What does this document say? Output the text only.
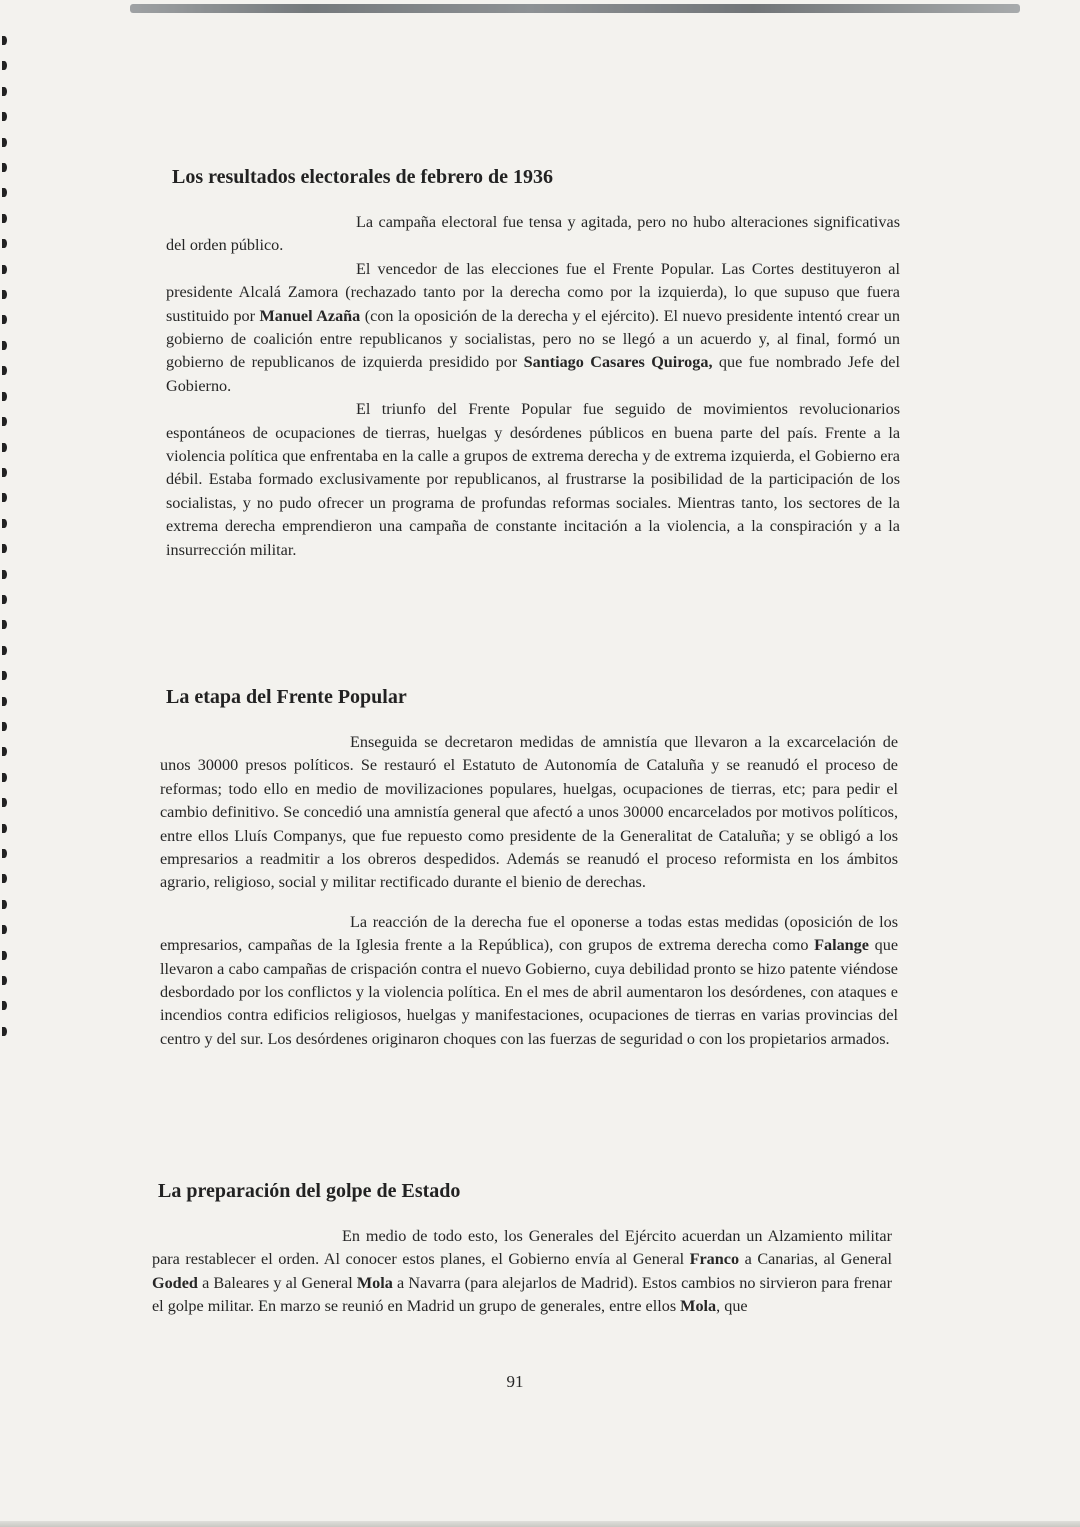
Los resultados electorales de febrero de 1936

La campaña electoral fue tensa y agitada, pero no hubo alteraciones significativas del orden público.

El vencedor de las elecciones fue el Frente Popular. Las Cortes destituyeron al presidente Alcalá Zamora (rechazado tanto por la derecha como por la izquierda), lo que supuso que fuera sustituido por Manuel Azaña (con la oposición de la derecha y el ejército). El nuevo presidente intentó crear un gobierno de coalición entre republicanos y socialistas, pero no se llegó a un acuerdo y, al final, formó un gobierno de republicanos de izquierda presidido por Santiago Casares Quiroga, que fue nombrado Jefe del Gobierno.

El triunfo del Frente Popular fue seguido de movimientos revolucionarios espontáneos de ocupaciones de tierras, huelgas y desórdenes públicos en buena parte del país. Frente a la violencia política que enfrentaba en la calle a grupos de extrema derecha y de extrema izquierda, el Gobierno era débil. Estaba formado exclusivamente por republicanos, al frustrarse la posibilidad de la participación de los socialistas, y no pudo ofrecer un programa de profundas reformas sociales. Mientras tanto, los sectores de la extrema derecha emprendieron una campaña de constante incitación a la violencia, a la conspiración y a la insurrección militar.

La etapa del Frente Popular

Enseguida se decretaron medidas de amnistía que llevaron a la excarcelación de unos 30000 presos políticos. Se restauró el Estatuto de Autonomía de Cataluña y se reanudó el proceso de reformas; todo ello en medio de movilizaciones populares, huelgas, ocupaciones de tierras, etc; para pedir el cambio definitivo. Se concedió una amnistía general que afectó a unos 30000 encarcelados por motivos políticos, entre ellos Lluís Companys, que fue repuesto como presidente de la Generalitat de Cataluña; y se obligó a los empresarios a readmitir a los obreros despedidos. Además se reanudó el proceso reformista en los ámbitos agrario, religioso, social y militar rectificado durante el bienio de derechas.

La reacción de la derecha fue el oponerse a todas estas medidas (oposición de los empresarios, campañas de la Iglesia frente a la República), con grupos de extrema derecha como Falange que llevaron a cabo campañas de crispación contra el nuevo Gobierno, cuya debilidad pronto se hizo patente viéndose desbordado por los conflictos y la violencia política. En el mes de abril aumentaron los desórdenes, con ataques e incendios contra edificios religiosos, huelgas y manifestaciones, ocupaciones de tierras en varias provincias del centro y del sur. Los desórdenes originaron choques con las fuerzas de seguridad o con los propietarios armados.

La preparación del golpe de Estado

En medio de todo esto, los Generales del Ejército acuerdan un Alzamiento militar para restablecer el orden. Al conocer estos planes, el Gobierno envía al General Franco a Canarias, al General Goded a Baleares y al General Mola a Navarra (para alejarlos de Madrid). Estos cambios no sirvieron para frenar el golpe militar. En marzo se reunió en Madrid un grupo de generales, entre ellos Mola, que

91
